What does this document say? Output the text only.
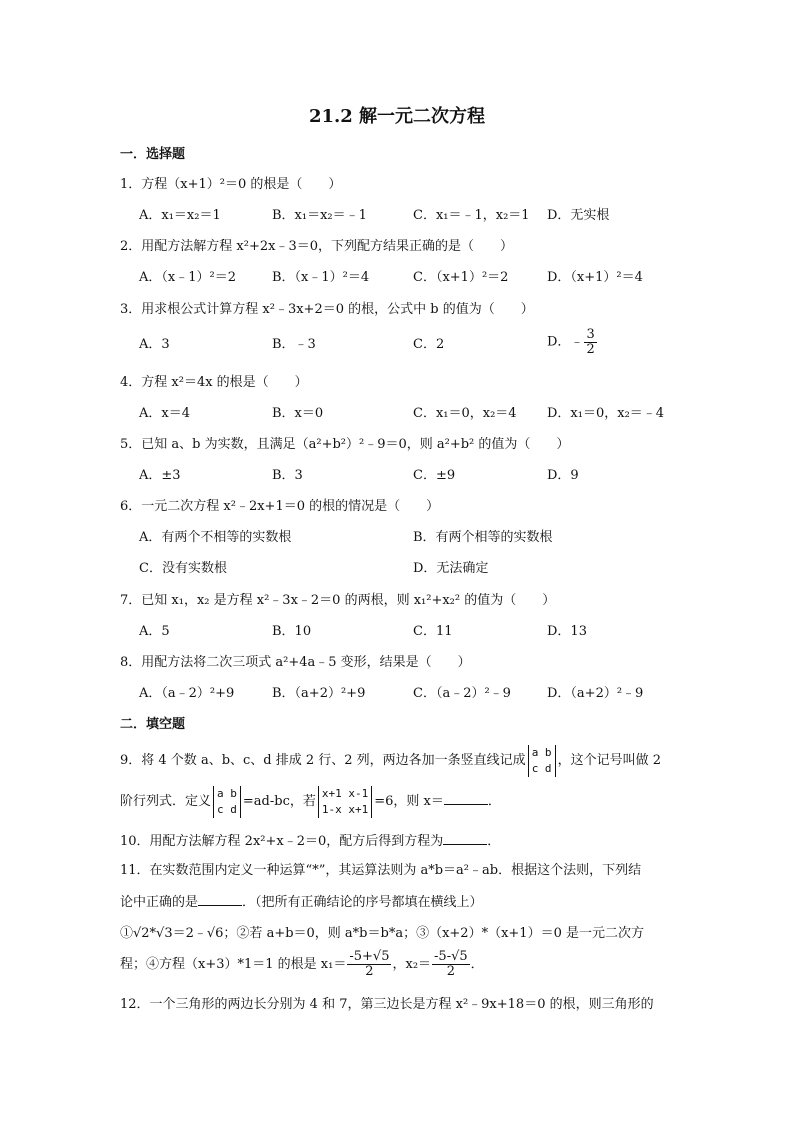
21.2 解一元二次方程
一．选择题
1．方程（x+1）²＝0 的根是（　　）
A．x₁＝x₂＝1	B．x₁＝x₂＝﹣1	C．x₁＝﹣1，x₂＝1 D．无实根
2．用配方法解方程 x²+2x﹣3＝0，下列配方结果正确的是（　　）
A．（x﹣1）²＝2	B．（x﹣1）²＝4	C．（x+1）²＝2	D．（x+1）²＝4
3．用求根公式计算方程 x²﹣3x+2＝0 的根，公式中 b 的值为（　　）
A．3	B．﹣3	C．2	D．﹣ $\frac{3}{2}$
4．方程 x²＝4x 的根是（　　）
A．x＝4	B．x＝0	C．x₁＝0，x₂＝4 D．x₁＝0，x₂＝﹣4
5．已知 a、b 为实数，且满足（a²+b²）²﹣9＝0，则 a²+b² 的值为（　　）
A．±3	B．3	C．±9	D．9
6．一元二次方程 x²﹣2x+1＝0 的根的情况是（　　）
A．有两个不相等的实数根	B．有两个相等的实数根
C．没有实数根	D．无法确定
7．已知 x₁，x₂ 是方程 x²﹣3x﹣2＝0 的两根，则 x₁²+x₂² 的值为（　　）
A．5	B．10	C．11	D．13
8．用配方法将二次三项式 a²+4a﹣5 变形，结果是（　　）
A．（a﹣2）²+9	B．（a+2）²+9	C．（a﹣2）²﹣9	D．（a+2）²﹣9
二．填空题
9．将 4 个数 a、b、c、d 排成 2 行、2 列，两边各加一条竖直线记成
a b
c d ，这个记号叫做 2
阶行列式．定义
a b
c d =ad-bc，若
x+1 x-1
1-x x+1 =6，则 x＝	．
10．用配方法解方程 2x²+x﹣2＝0，配方后得到方程为	．
11．在实数范围内定义一种运算“*”，其运算法则为 a*b＝a²﹣ab．根据这个法则，下列结
论中正确的是	．（把所有正确结论的序号都填在横线上）
①√2*√3＝2﹣√6；②若 a+b＝0，则 a*b＝b*a；③（x+2）*（x+1）＝0 是一元二次方
程；④方程（x+3）*1＝1 的根是 $x_1= \frac{-5+√5}{2}$ ，$x_2= \frac{-5-√5}{2}$ ．
12．一个三角形的两边长分别为 4 和 7，第三边长是方程 x²﹣9x+18＝0 的根，则三角形的
